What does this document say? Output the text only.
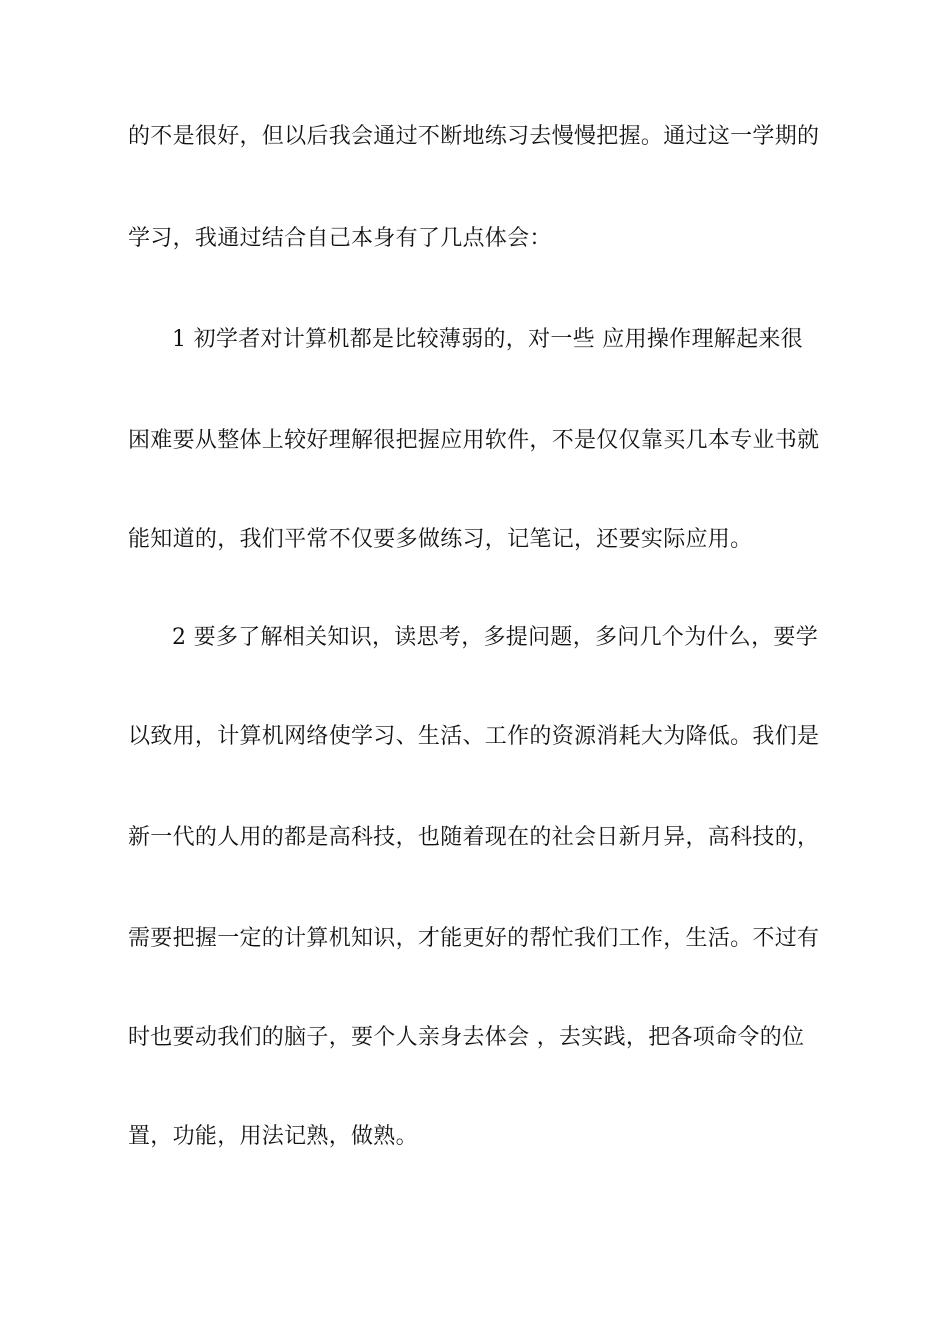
的不是很好，但以后我会通过不断地练习去慢慢把握。通过这一学期的
学习，我通过结合自己本身有了几点体会：
1 初学者对计算机都是比较薄弱的，对一些 应用操作理解起来很
困难要从整体上较好理解很把握应用软件，不是仅仅靠买几本专业书就
能知道的，我们平常不仅要多做练习，记笔记，还要实际应用。
2 要多了解相关知识，读思考，多提问题，多问几个为什么，要学
以致用，计算机网络使学习、生活、工作的资源消耗大为降低。我们是
新一代的人用的都是高科技，也随着现在的社会日新月异，高科技的，
需要把握一定的计算机知识，才能更好的帮忙我们工作，生活。不过有
时也要动我们的脑子，要个人亲身去体会 ，去实践，把各项命令的位
置，功能，用法记熟，做熟。
